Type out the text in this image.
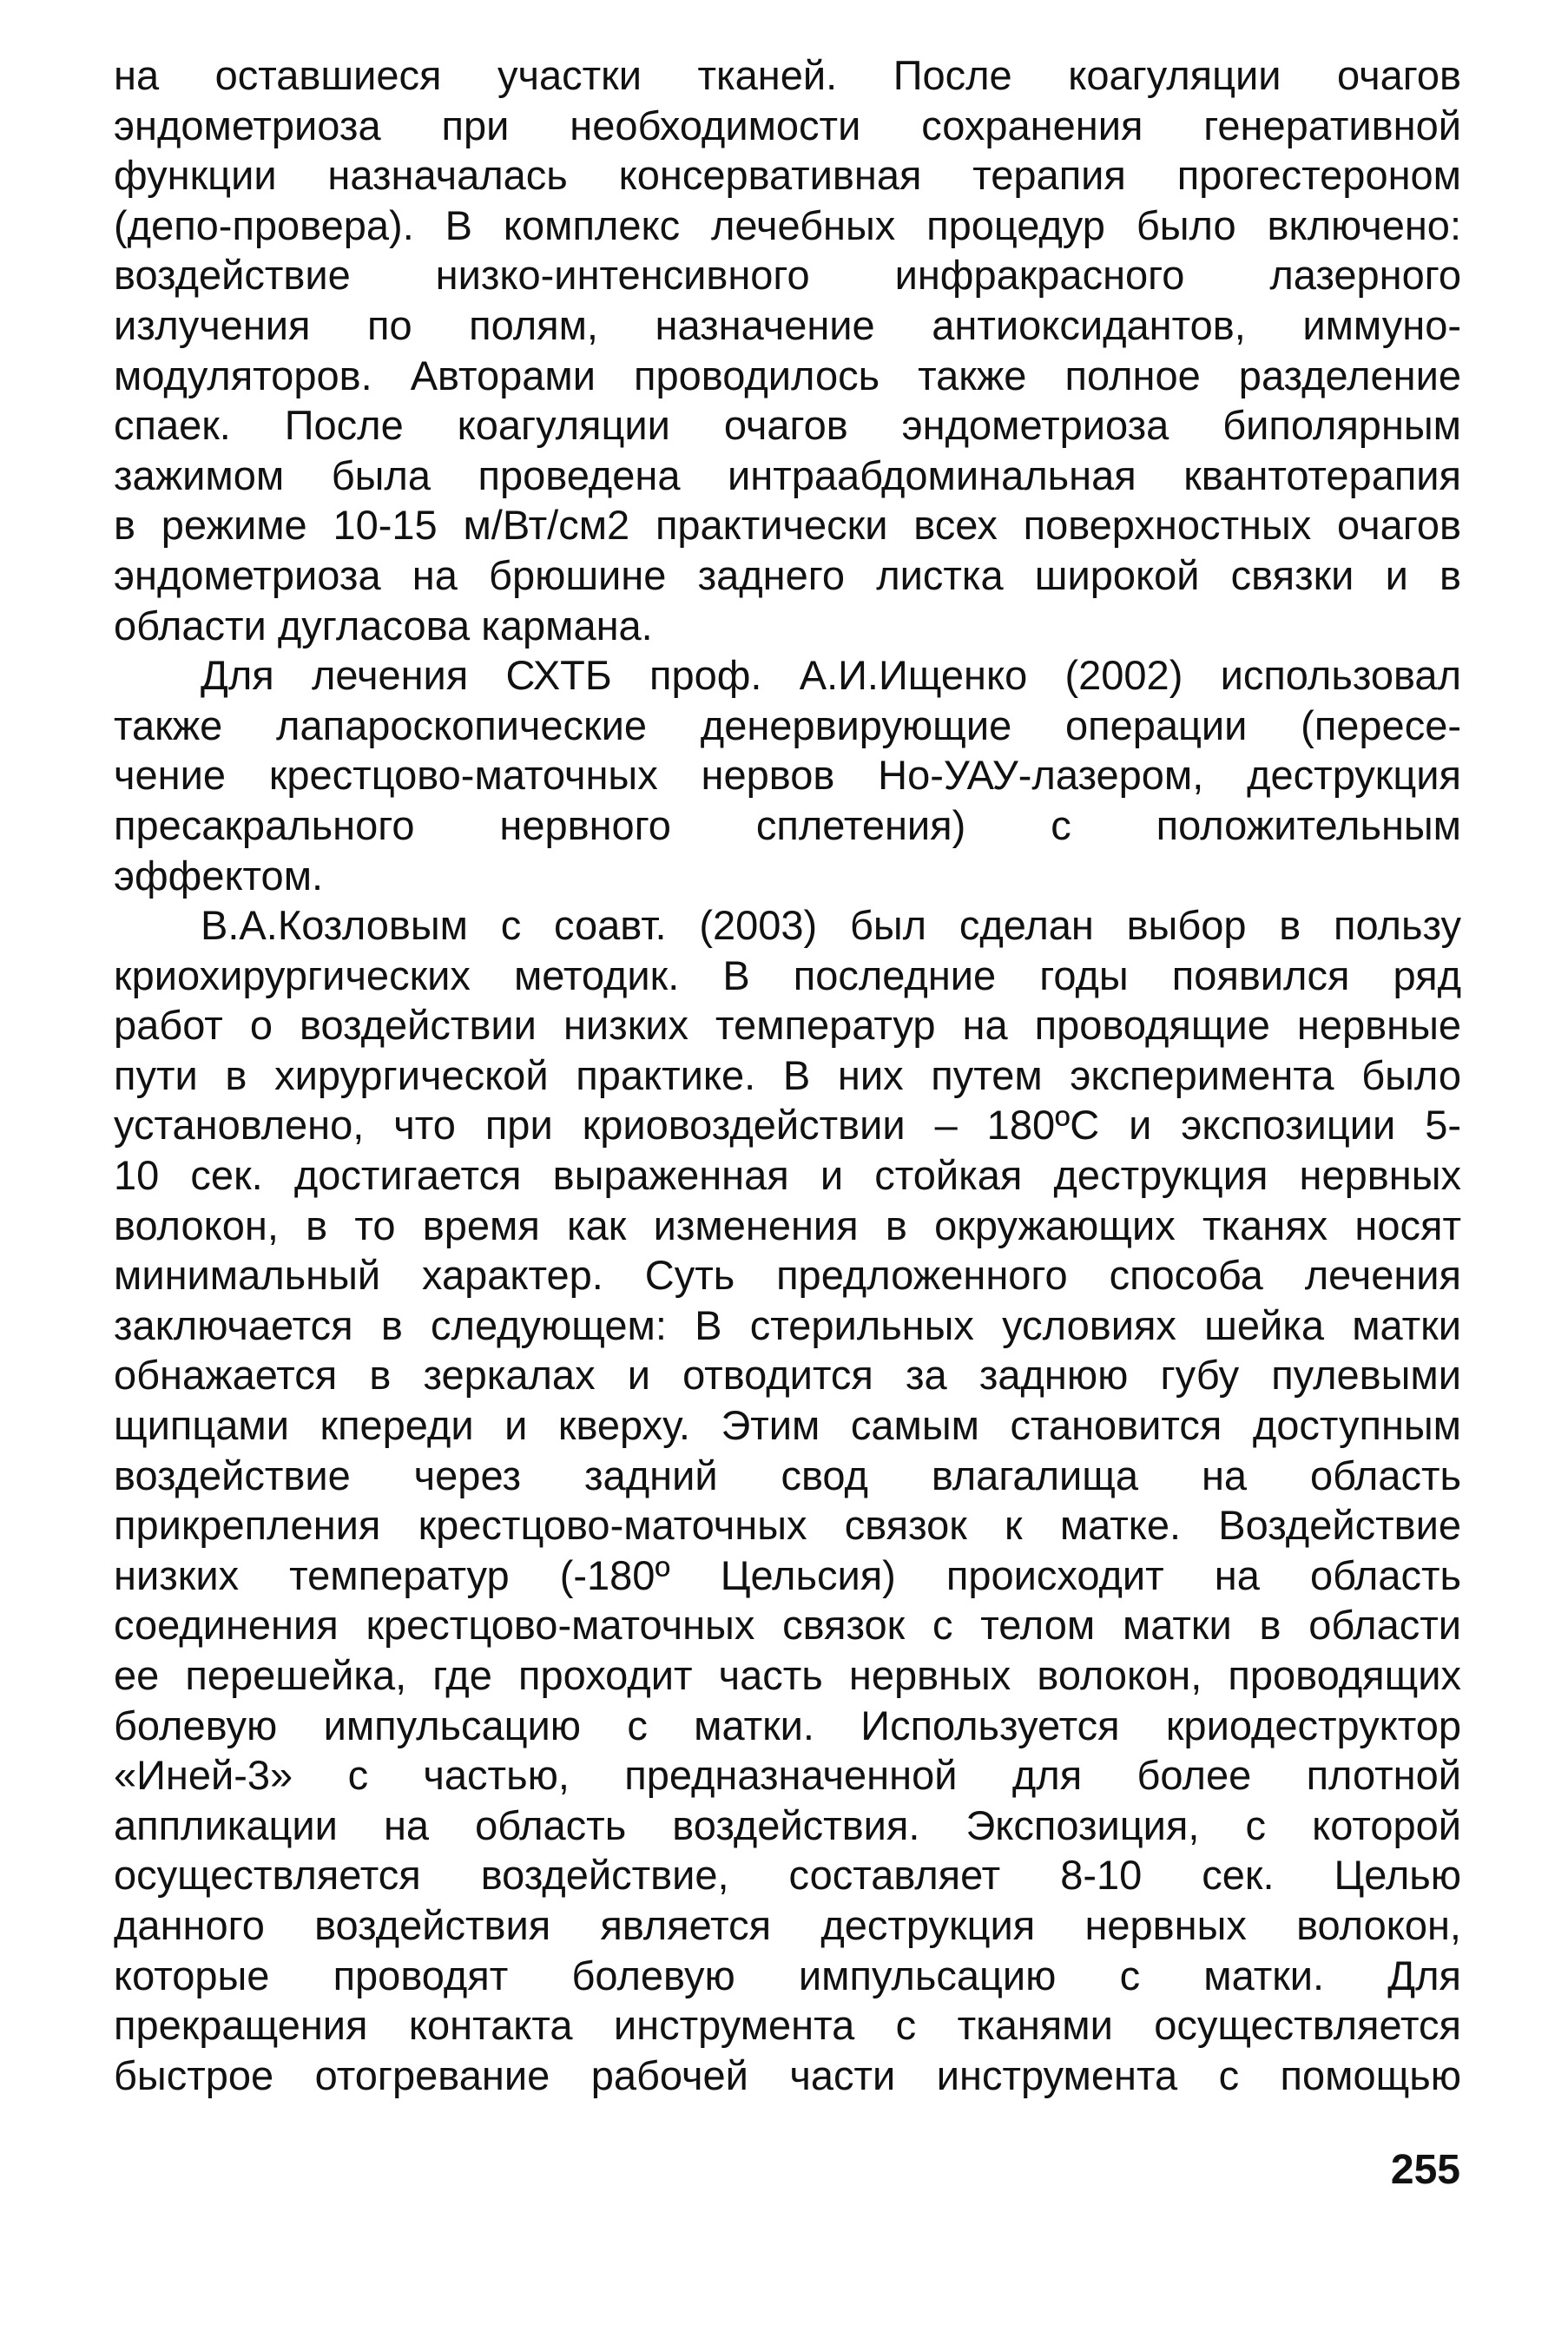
на оставшиеся участки тканей. После коагуляции очагов
эндометриоза при необходимости сохранения генеративной
функции назначалась консервативная терапия прогестероном
(депо-провера). В комплекс лечебных процедур было включено:
воздействие низко-интенсивного инфракрасного лазерного
излучения по полям, назначение антиоксидантов, иммуно-
модуляторов. Авторами проводилось также полное разделение
спаек. После коагуляции очагов эндометриоза биполярным
зажимом была проведена интраабдоминальная квантотерапия
в режиме 10-15 м/Вт/см2 практически всех поверхностных очагов
эндометриоза на брюшине заднего листка широкой связки и в
области дугласова кармана.
Для лечения СХТБ проф. А.И.Ищенко (2002) использовал
также лапароскопические денервирующие операции (пересе-
чение крестцово-маточных нервов Но-УАУ-лазером, деструкция
пресакрального нервного сплетения) с положительным
эффектом.
В.А.Козловым с соавт. (2003) был сделан выбор в пользу
криохирургических методик. В последние годы появился ряд
работ о воздействии низких температур на проводящие нервные
пути в хирургической практике. В них путем эксперимента было
установлено, что при криовоздействии – 180ºС и экспозиции 5-
10 сек. достигается выраженная и стойкая деструкция нервных
волокон, в то время как изменения в окружающих тканях носят
минимальный характер. Суть предложенного способа лечения
заключается в следующем: В стерильных условиях шейка матки
обнажается в зеркалах и отводится за заднюю губу пулевыми
щипцами кпереди и кверху. Этим самым становится доступным
воздействие через задний свод влагалища на область
прикрепления крестцово-маточных связок к матке. Воздействие
низких температур (-180º Цельсия) происходит на область
соединения крестцово-маточных связок с телом матки в области
ее перешейка, где проходит часть нервных волокон, проводящих
болевую импульсацию с матки. Используется криодеструктор
«Иней-3» с частью, предназначенной для более плотной
аппликации на область воздействия. Экспозиция, с которой
осуществляется воздействие, составляет 8-10 сек. Целью
данного воздействия является деструкция нервных волокон,
которые проводят болевую импульсацию с матки. Для
прекращения контакта инструмента с тканями осуществляется
быстрое отогревание рабочей части инструмента с помощью
255
